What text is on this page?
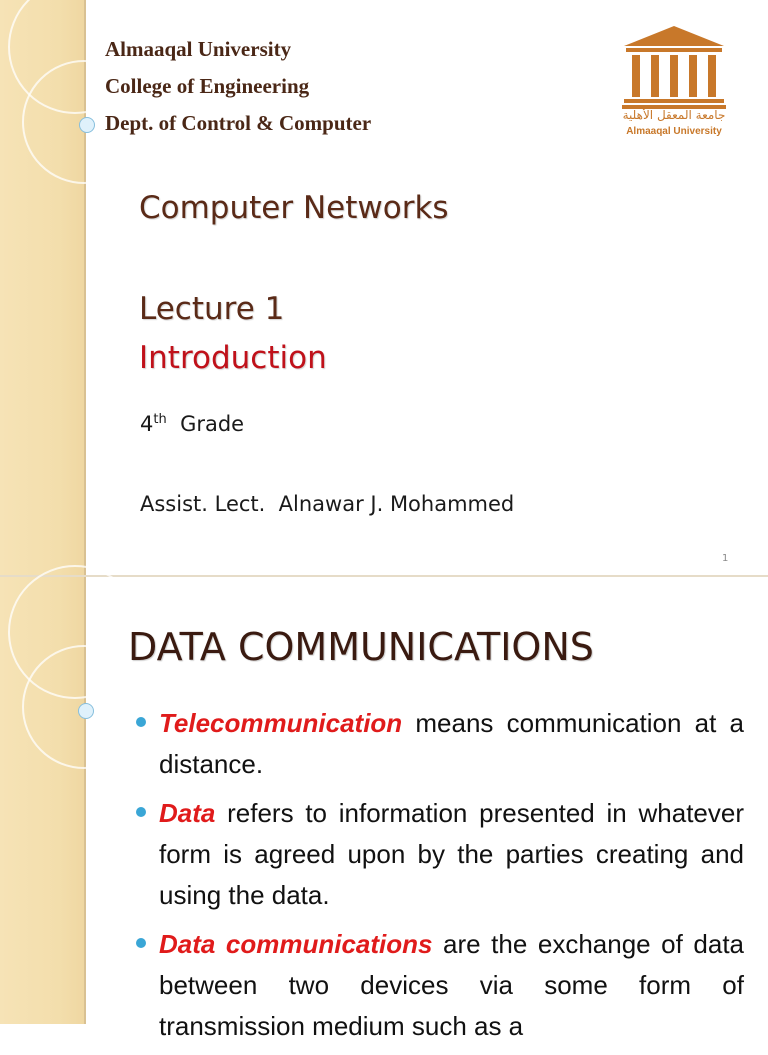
Almaaqal University
College of Engineering
Dept. of Control & Computer	جامعة المعقل الأهلية
Almaaqal University
Computer Networks
Lecture 1
Introduction
4th Grade
Assist. Lect.  Alnawar J. Mohammed
1
DATA COMMUNICATIONS
Telecommunication means communication at a distance.
Data refers to information presented in whatever form is agreed upon by the parties creating and using the data.
Data communications are the exchange of data between two devices via some form of transmission medium such as a
